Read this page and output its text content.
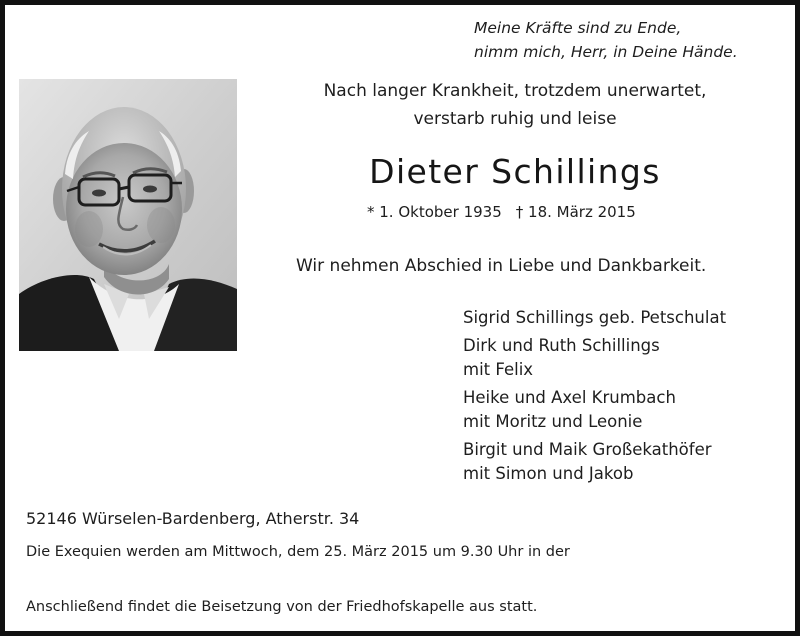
Meine Kräfte sind zu Ende,
nimm mich, Herr, in Deine Hände.
Nach langer Krankheit, trotzdem unerwartet,
verstarb ruhig und leise
Dieter Schillings
* 1. Oktober 1935 † 18. März 2015
Wir nehmen Abschied in Liebe und Dankbarkeit.
Sigrid Schillings geb. Petschulat
Dirk und Ruth Schillings
mit Felix
Heike und Axel Krumbach
mit Moritz und Leonie
Birgit und Maik Großekathöfer
mit Simon und Jakob
52146 Würselen-Bardenberg, Atherstr. 34
Die Exequien werden am Mittwoch, dem 25. März 2015 um 9.30 Uhr in der
Anschließend findet die Beisetzung von der Friedhofskapelle aus statt.
